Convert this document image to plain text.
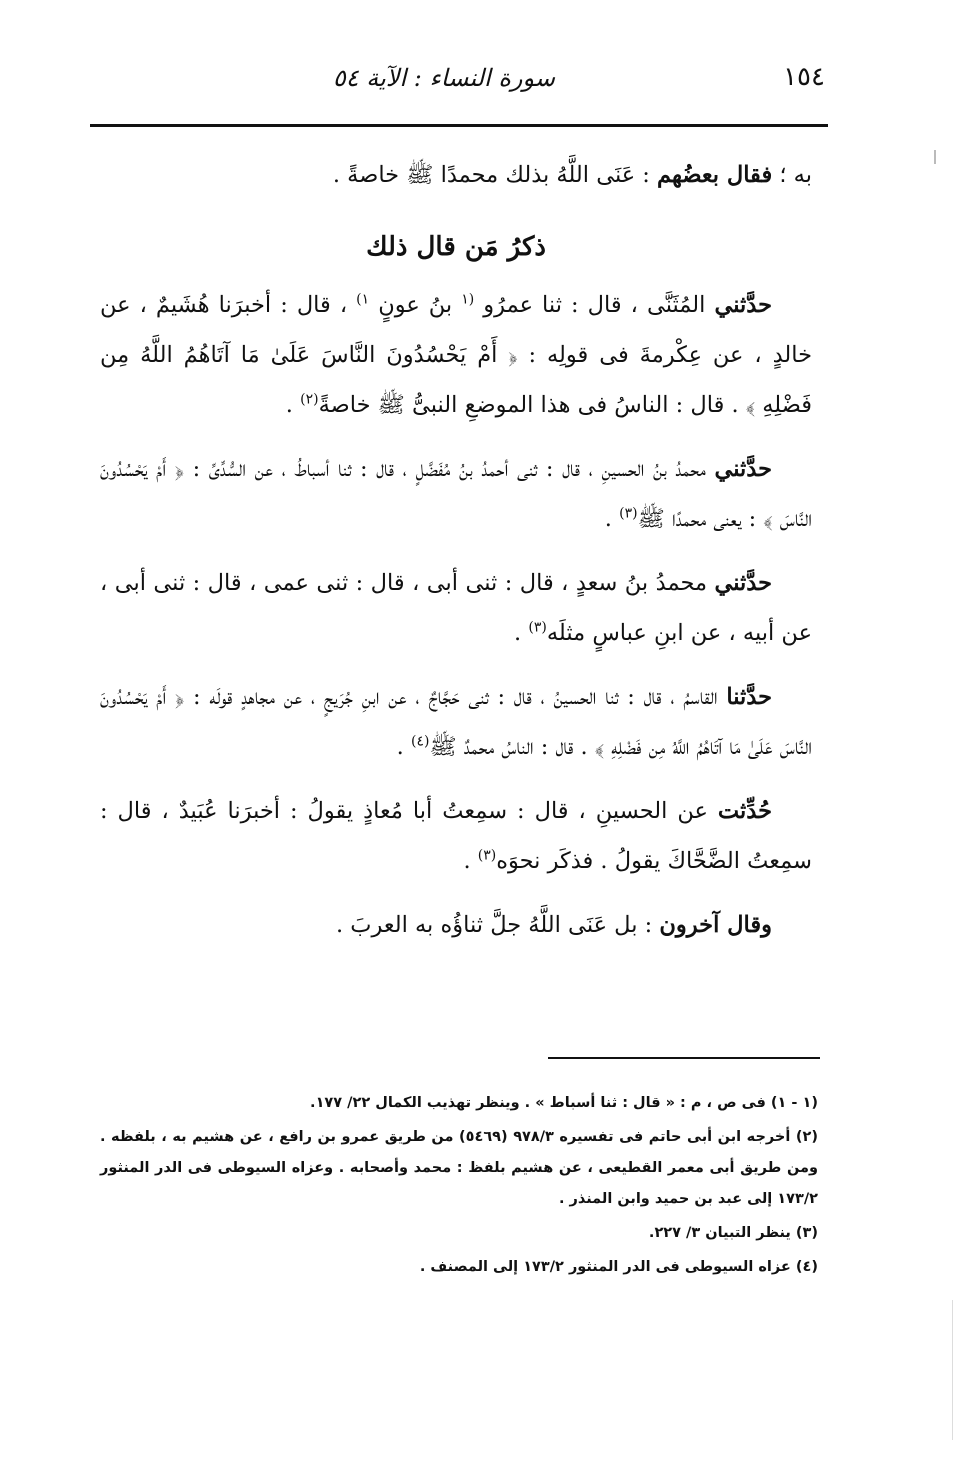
١٥٤
سورة النساء : الآية ٥٤

به ؛ فقال بعضُهم : عَنَى اللَّهُ بذلك محمدًا ﷺ خاصةً .

ذكرُ مَن قال ذلك

حدَّثني المُثَنَّى ، قال : ثنا عمرُو $^{(١}$ بنُ عونٍ $^{١)}$ ، قال : أخبرَنا هُشَيمٌ ، عن خالدٍ ، عن عِكْرمةَ فى قولِه : ﴿ أَمْ يَحْسُدُونَ النَّاسَ عَلَىٰ مَا آتَاهُمُ اللَّهُ مِن فَضْلِهِ ﴾ . قال : الناسُ فى هذا الموضعِ النبىُّ ﷺ خاصةً$^{(٢)}$ .

حدَّثني محمدُ بنُ الحسينِ ، قال : ثنى أحمدُ بنُ مُفَضَّلٍ ، قال : ثنا أسباطُ ، عن السُّدِّىِّ : ﴿ أَمْ يَحْسُدُونَ النَّاسَ ﴾ : يعنى محمدًا ﷺ$^{(٣)}$ .

حدَّثني محمدُ بنُ سعدٍ ، قال : ثنى أبى ، قال : ثنى عمى ، قال : ثنى أبى ، عن أبيه ، عن ابنِ عباسٍ مثلَه$^{(٣)}$ .

حدَّثنا القاسمُ ، قال : ثنا الحسينُ ، قال : ثنى حَجَّاجٌ ، عن ابنِ جُرَيجٍ ، عن مجاهدٍ قولَه : ﴿ أَمْ يَحْسُدُونَ النَّاسَ عَلَىٰ مَا آتَاهُمُ اللَّهُ مِن فَضْلِهِ ﴾ . قال : الناسُ محمدٌ ﷺ$^{(٤)}$ .

حُدِّثت عن الحسينِ ، قال : سمِعتُ أبا مُعاذٍ يقولُ : أخبرَنا عُبَيدٌ ، قال : سمِعتُ الضَّحَّاكَ يقولُ . فذكَر نحوَه$^{(٣)}$ .

وقال آخرون : بل عَنَى اللَّهُ جلَّ ثناؤُه به العربَ .

(١ - ١) فى ص ، م : « قال : ثنا أسباط » . وينظر تهذيب الكمال ٢٢/ ١٧٧.

(٢) أخرجه ابن أبى حاتم فى تفسيره ٩٧٨/٣ (٥٤٦٩) من طريق عمرو بن رافع ، عن هشيم به ، بلفظه . ومن طريق أبى معمر القطيعى ، عن هشيم بلفظ : محمد وأصحابه . وعزاه السيوطى فى الدر المنثور ١٧٣/٢ إلى عبد بن حميد وابن المنذر .

(٣) ينظر التبيان ٣/ ٢٢٧.

(٤) عزاه السيوطى فى الدر المنثور ١٧٣/٢ إلى المصنف .
